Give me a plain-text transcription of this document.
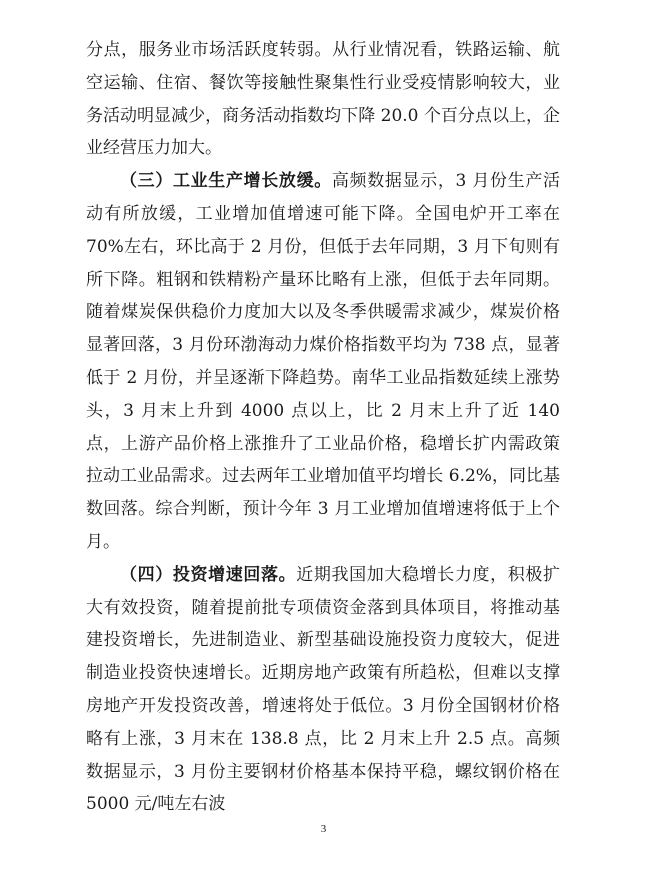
分点，服务业市场活跃度转弱。从行业情况看，铁路运输、航空运输、住宿、餐饮等接触性聚集性行业受疫情影响较大，业务活动明显减少，商务活动指数均下降 20.0 个百分点以上，企业经营压力加大。

（三）工业生产增长放缓。高频数据显示，3 月份生产活动有所放缓，工业增加值增速可能下降。全国电炉开工率在 70%左右，环比高于 2 月份，但低于去年同期，3 月下旬则有所下降。粗钢和铁精粉产量环比略有上涨，但低于去年同期。随着煤炭保供稳价力度加大以及冬季供暖需求减少，煤炭价格显著回落，3 月份环渤海动力煤价格指数平均为 738 点，显著低于 2 月份，并呈逐渐下降趋势。南华工业品指数延续上涨势头，3 月末上升到 4000 点以上，比 2 月末上升了近 140 点，上游产品价格上涨推升了工业品价格，稳增长扩内需政策拉动工业品需求。过去两年工业增加值平均增长 6.2%，同比基数回落。综合判断，预计今年 3 月工业增加值增速将低于上个月。

（四）投资增速回落。近期我国加大稳增长力度，积极扩大有效投资，随着提前批专项债资金落到具体项目，将推动基建投资增长，先进制造业、新型基础设施投资力度较大，促进制造业投资快速增长。近期房地产政策有所趋松，但难以支撑房地产开发投资改善，增速将处于低位。3 月份全国钢材价格略有上涨，3 月末在 138.8 点，比 2 月末上升 2.5 点。高频数据显示，3 月份主要钢材价格基本保持平稳，螺纹钢价格在 5000 元/吨左右波

3
